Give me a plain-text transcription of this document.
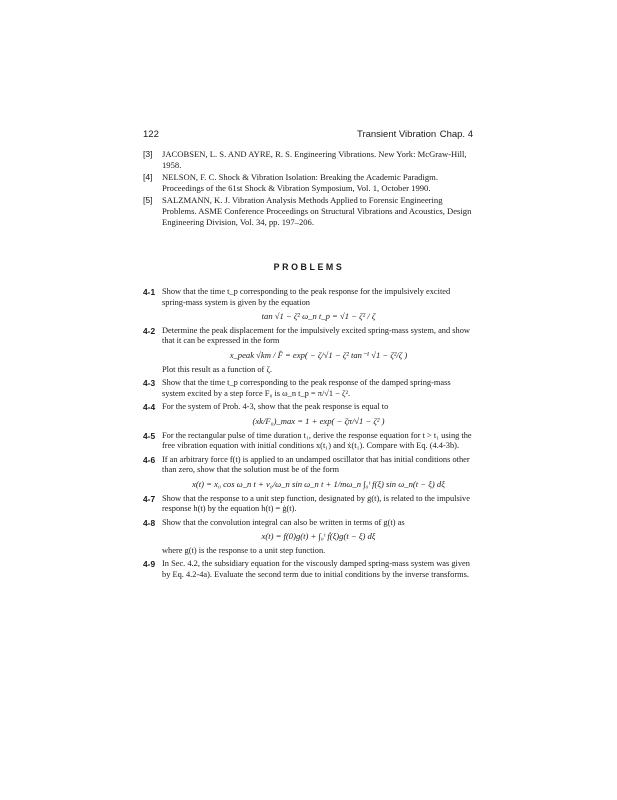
122	Transient Vibration Chap. 4
[3] JACOBSEN, L. S. AND AYRE, R. S. Engineering Vibrations. New York: McGraw-Hill, 1958.
[4] NELSON, F. C. Shock & Vibration Isolation: Breaking the Academic Paradigm. Proceedings of the 61st Shock & Vibration Symposium, Vol. 1, October 1990.
[5] SALZMANN, K. J. Vibration Analysis Methods Applied to Forensic Engineering Problems. ASME Conference Proceedings on Structural Vibrations and Acoustics, Design Engineering Division, Vol. 34, pp. 197–206.
PROBLEMS
4-1 Show that the time t_p corresponding to the peak response for the impulsively excited spring-mass system is given by the equation
tan √1 − ζ² ω_n t_p = √1 − ζ² / ζ
4-2 Determine the peak displacement for the impulsively excited spring-mass system, and show that it can be expressed in the form
x_peak √km / F̂ = exp( − ζ/√1 − ζ² tan⁻¹ √1 − ζ²/ζ )
Plot this result as a function of ζ.
4-3 Show that the time t_p corresponding to the peak response of the damped spring-mass system excited by a step force F₀ is ω_n t_p = π/√1 − ζ².
4-4 For the system of Prob. 4-3, show that the peak response is equal to
(xk/F₀)_max = 1 + exp( − ζπ/√1 − ζ² )
4-5 For the rectangular pulse of time duration t₁, derive the response equation for t > t₁ using the free vibration equation with initial conditions x(t₁) and ẋ(t₁). Compare with Eq. (4.4-3b).
4-6 If an arbitrary force f(t) is applied to an undamped oscillator that has initial conditions other than zero, show that the solution must be of the form
x(t) = x₀ cos ω_n t + v₀/ω_n sin ω_n t + 1/mω_n ∫₀ᵗ f(ξ) sin ω_n(t − ξ) dξ
4-7 Show that the response to a unit step function, designated by g(t), is related to the impulsive response h(t) by the equation h(t) = ġ(t).
4-8 Show that the convolution integral can also be written in terms of g(t) as
x(t) = f(0)g(t) + ∫₀ᵗ ḟ(ξ)g(t − ξ) dξ
where g(t) is the response to a unit step function.
4-9 In Sec. 4.2, the subsidiary equation for the viscously damped spring-mass system was given by Eq. 4.2-4a). Evaluate the second term due to initial conditions by the inverse transforms.
